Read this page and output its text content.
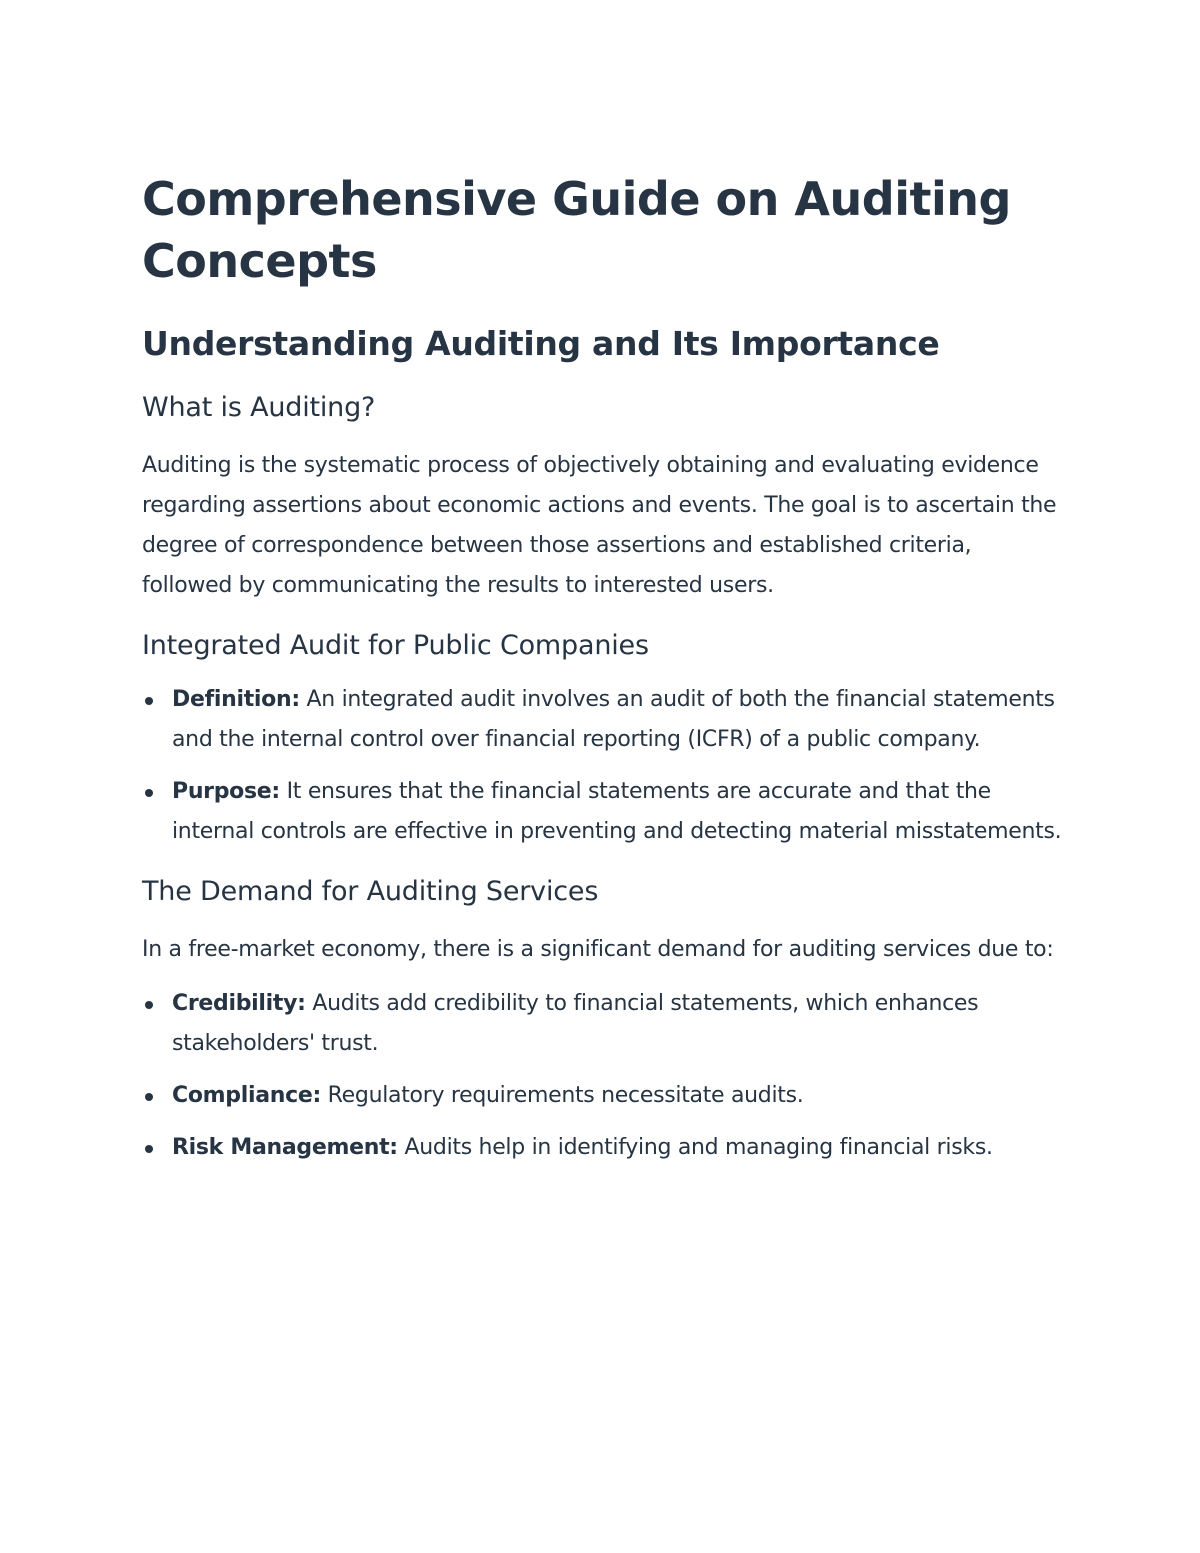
Comprehensive Guide on Auditing Concepts
Understanding Auditing and Its Importance
What is Auditing?

Auditing is the systematic process of objectively obtaining and evaluating evidence regarding assertions about economic actions and events. The goal is to ascertain the degree of correspondence between those assertions and established criteria, followed by communicating the results to interested users.

Integrated Audit for Public Companies
Definition: An integrated audit involves an audit of both the financial statements and the internal control over financial reporting (ICFR) of a public company.
Purpose: It ensures that the financial statements are accurate and that the internal controls are effective in preventing and detecting material misstatements.
The Demand for Auditing Services

In a free-market economy, there is a significant demand for auditing services due to:

Credibility: Audits add credibility to financial statements, which enhances stakeholders' trust.
Compliance: Regulatory requirements necessitate audits.
Risk Management: Audits help in identifying and managing financial risks.
